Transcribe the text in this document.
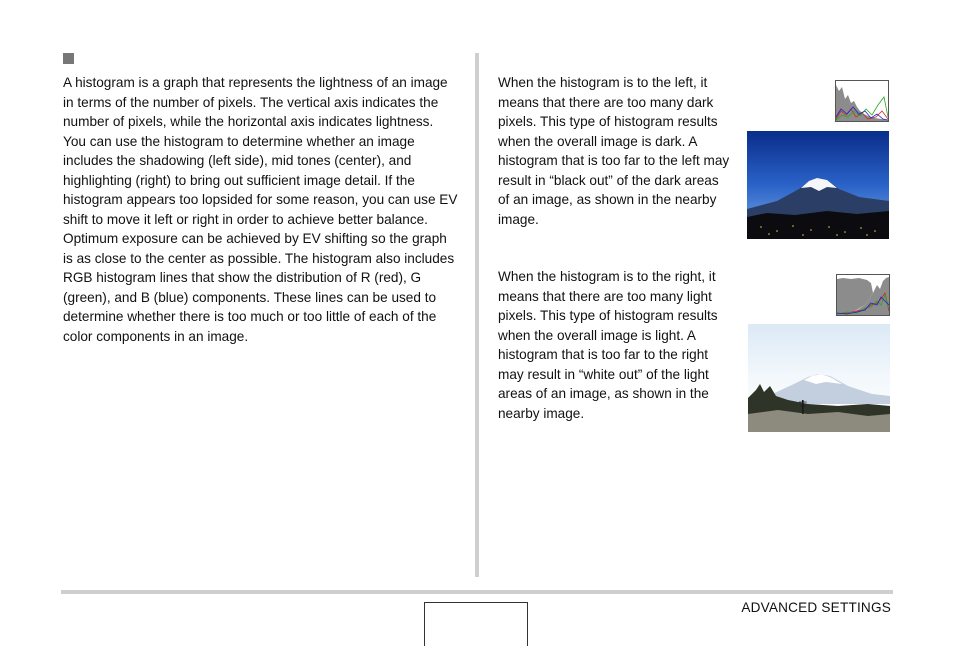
A histogram is a graph that represents the lightness of an image in terms of the number of pixels. The vertical axis indicates the number of pixels, while the horizontal axis indicates lightness. You can use the histogram to determine whether an image includes the shadowing (left side), mid tones (center), and highlighting (right) to bring out sufficient image detail. If the histogram appears too lopsided for some reason, you can use EV shift to move it left or right in order to achieve better balance. Optimum exposure can be achieved by EV shifting so the graph is as close to the center as possible. The histogram also includes RGB histogram lines that show the distribution of R (red), G (green), and B (blue) components. These lines can be used to determine whether there is too much or too little of each of the color components in an image.

When the histogram is to the left, it means that there are too many dark pixels. This type of histogram results when the overall image is dark. A histogram that is too far to the left may result in “black out” of the dark areas of an image, as shown in the nearby image.

When the histogram is to the right, it means that there are too many light pixels. This type of histogram results when the overall image is light. A histogram that is too far to the right may result in “white out” of the light areas of an image, as shown in the nearby image.

ADVANCED SETTINGS
